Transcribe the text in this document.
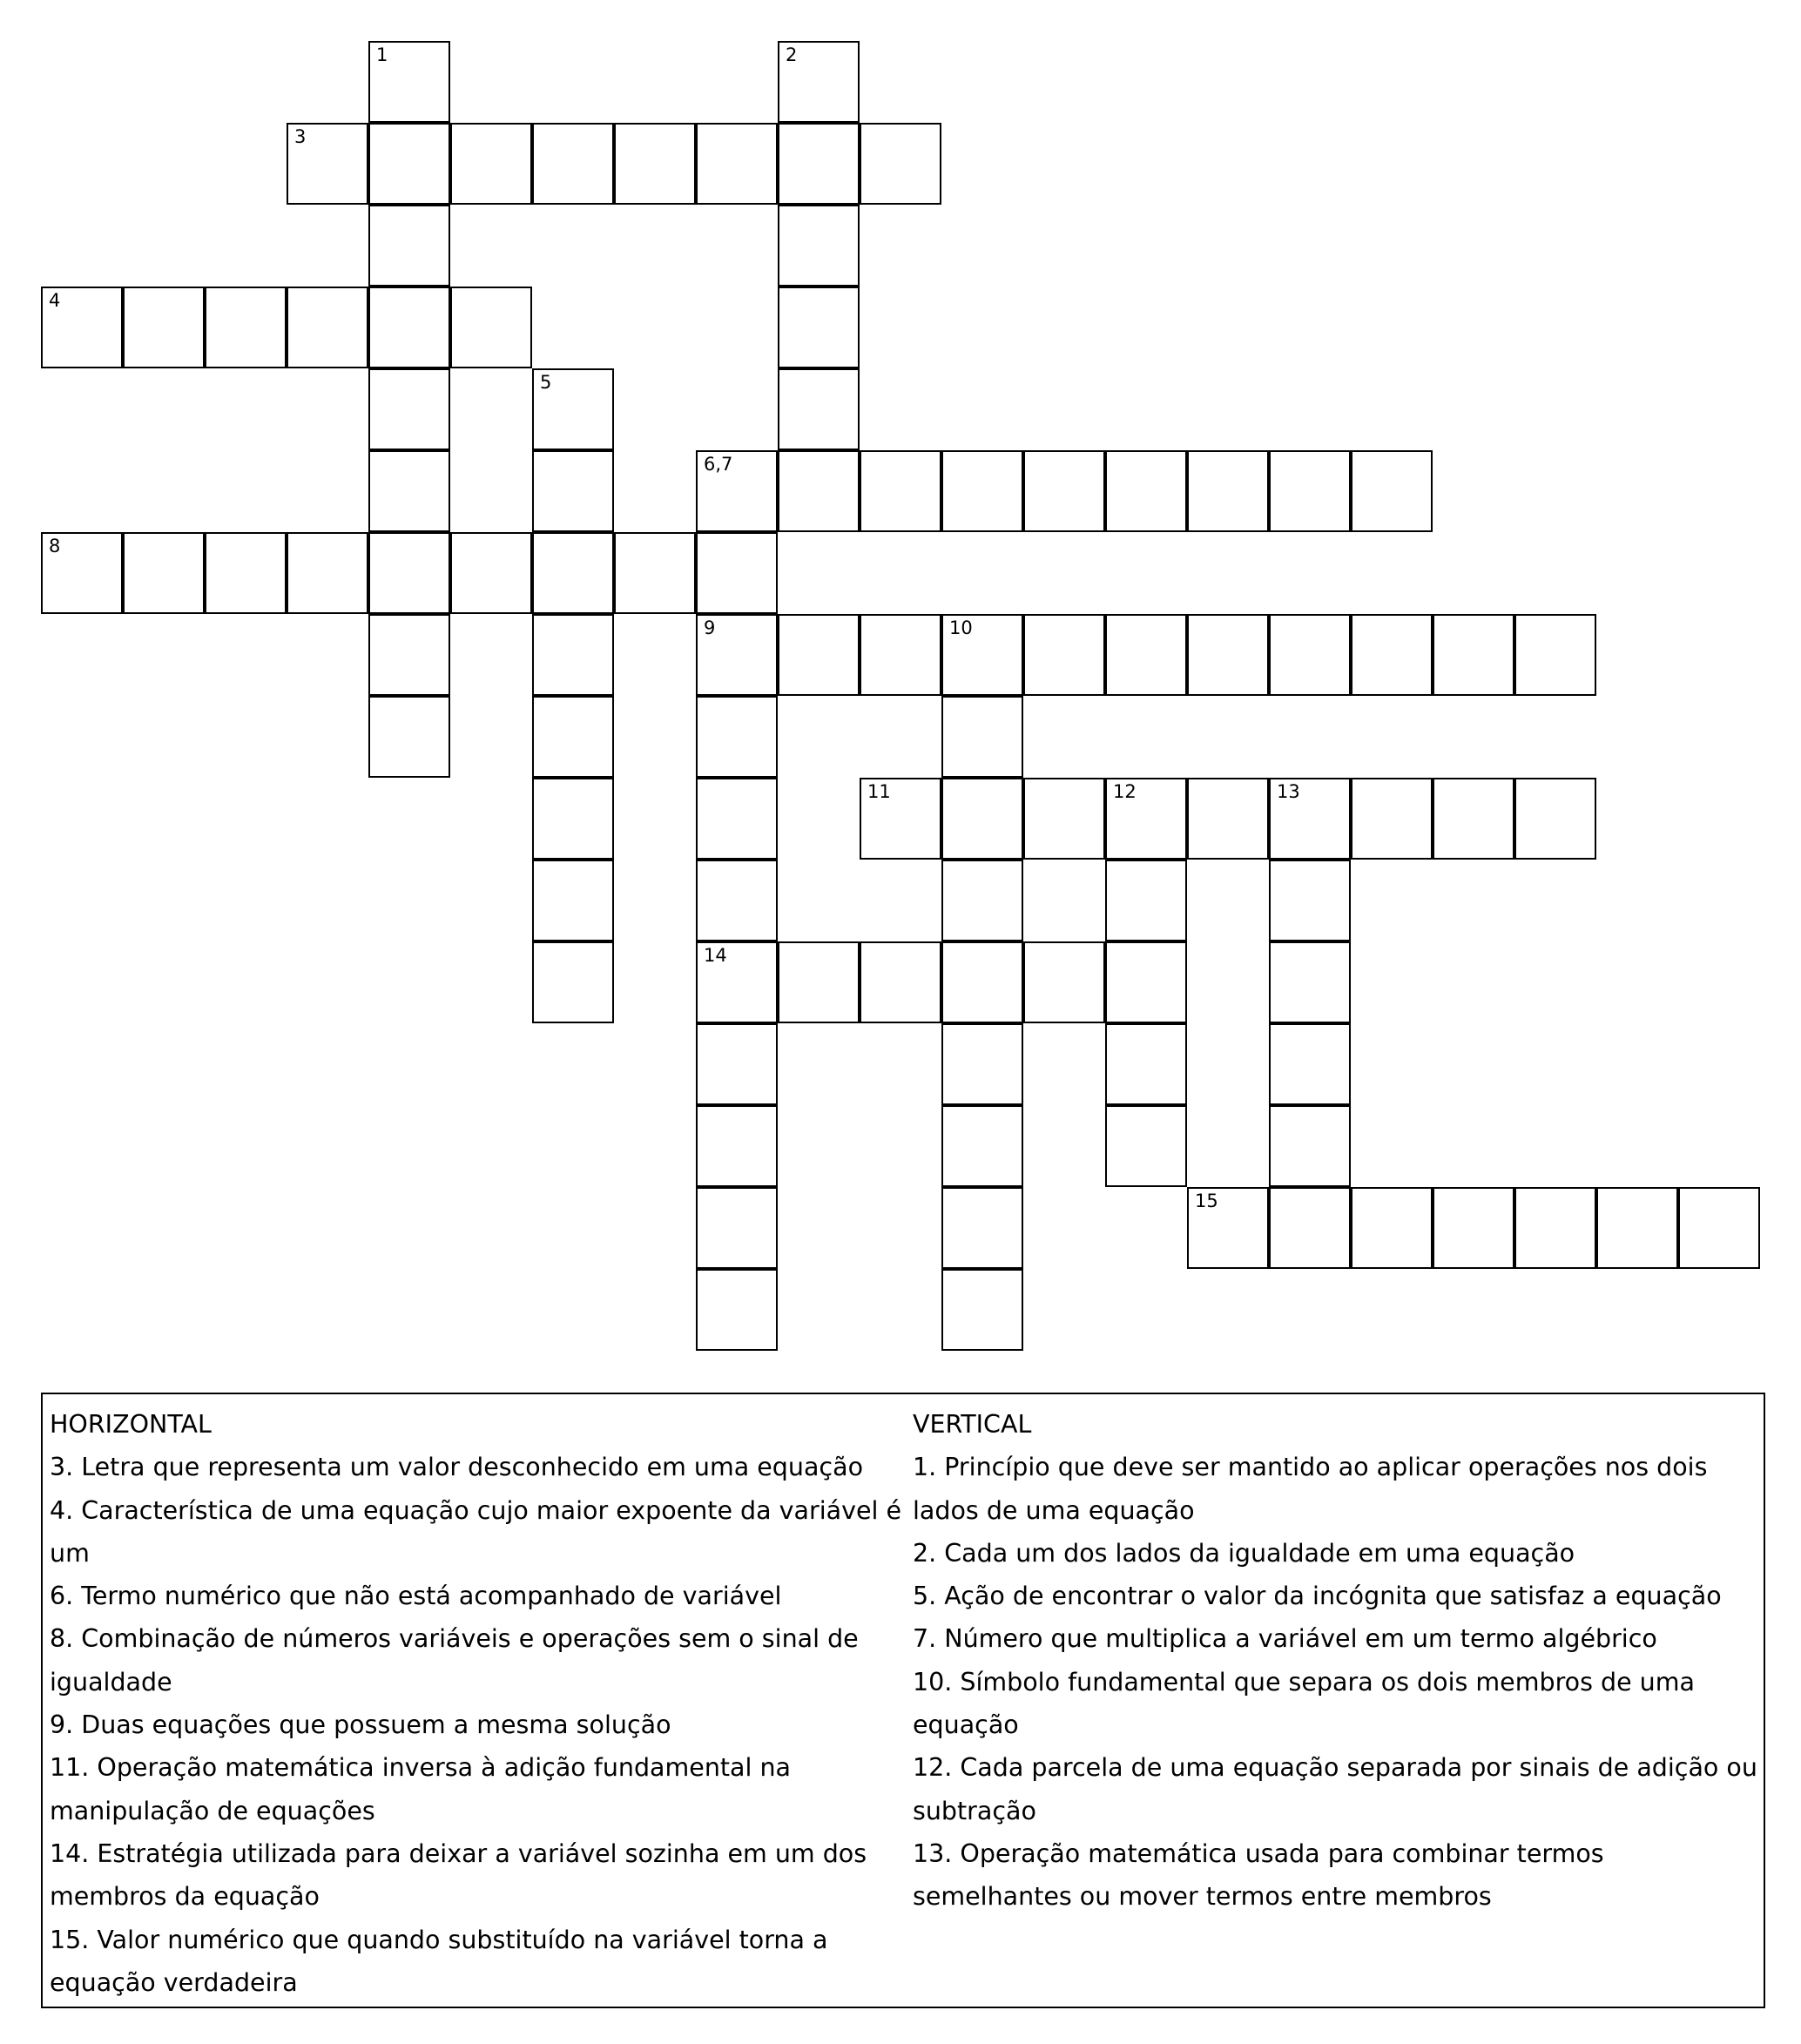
3
4
6,7
8
9	10
11	12	13
14
15
1	2
5
HORIZONTAL
3. Letra que representa um valor desconhecido em uma equação
4. Característica de uma equação cujo maior expoente da variável é um
6. Termo numérico que não está acompanhado de variável
8. Combinação de números variáveis e operações sem o sinal de igualdade
9. Duas equações que possuem a mesma solução
11. Operação matemática inversa à adição fundamental na manipulação de equações
14. Estratégia utilizada para deixar a variável sozinha em um dos membros da equação
15. Valor numérico que quando substituído na variável torna a equação verdadeira
VERTICAL
1. Princípio que deve ser mantido ao aplicar operações nos dois lados de uma equação
2. Cada um dos lados da igualdade em uma equação
5. Ação de encontrar o valor da incógnita que satisfaz a equação
7. Número que multiplica a variável em um termo algébrico
10. Símbolo fundamental que separa os dois membros de uma equação
12. Cada parcela de uma equação separada por sinais de adição ou subtração
13. Operação matemática usada para combinar termos semelhantes ou mover termos entre membros
